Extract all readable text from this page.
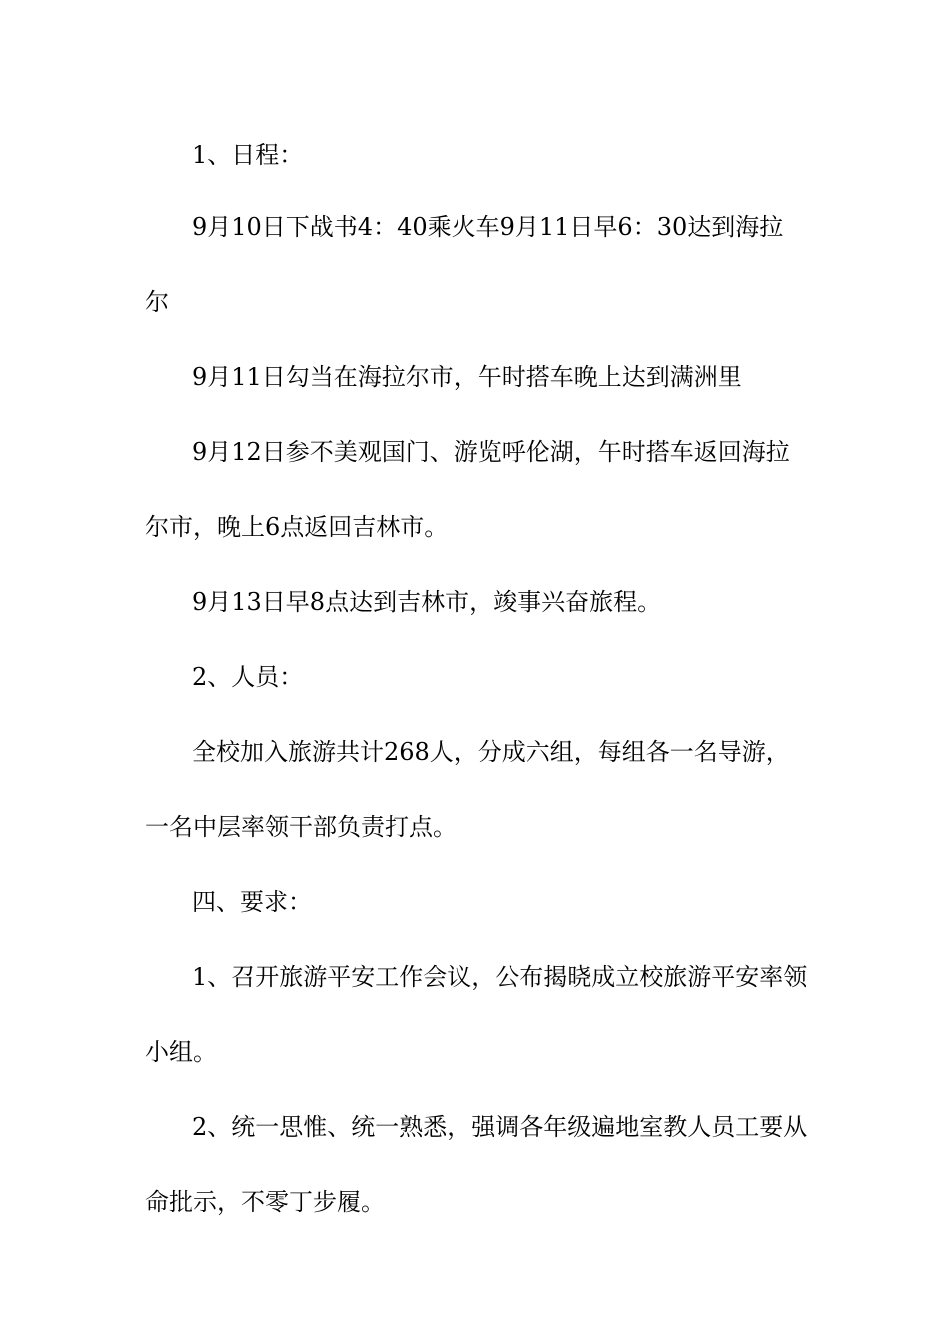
1、日程：
9月10日下战书4：40乘火车9月11日早6：30达到海拉
尔
9月11日勾当在海拉尔市，午时搭车晚上达到满洲里
9月12日参不美观国门、游览呼伦湖，午时搭车返回海拉
尔市，晚上6点返回吉林市。
9月13日早8点达到吉林市，竣事兴奋旅程。
2、人员：
全校加入旅游共计268人，分成六组，每组各一名导游，
一名中层率领干部负责打点。
四、要求：
1、召开旅游平安工作会议，公布揭晓成立校旅游平安率领
小组。
2、统一思惟、统一熟悉，强调各年级遍地室教人员工要从
命批示，不零丁步履。
